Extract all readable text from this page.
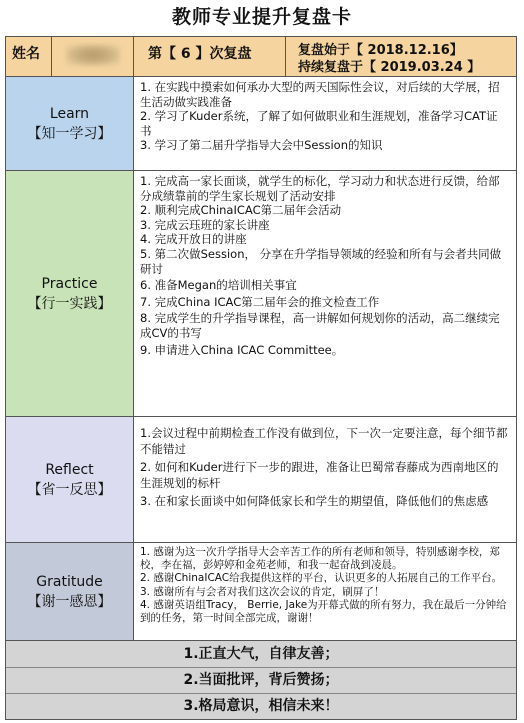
教师专业提升复盘卡
姓名	第【 6 】次复盘	复盘始于【 2018.12.16】
持续复盘于【 2019.03.24 】
Learn
【知一学习】

1. 在实践中摸索如何承办大型的两天国际性会议，对后续的大学展，招生活动做实践准备

2. 学习了Kuder系统，了解了如何做职业和生涯规划，准备学习CAT证书

3. 学习了第二届升学指导大会中Session的知识

Practice
【行一实践】

1. 完成高一家长面谈，就学生的标化，学习动力和状态进行反馈，给部分成绩靠前的学生家长规划了活动安排

2. 顺利完成ChinaICAC第二届年会活动

3. 完成云珏班的家长讲座

4. 完成开放日的讲座

5. 第二次做Session， 分享在升学指导领域的经验和所有与会者共同做研讨

6. 准备Megan的培训相关事宜

7. 完成China ICAC第二届年会的推文检查工作

8. 完成学生的升学指导课程，高一讲解如何规划你的活动，高二继续完成CV的书写

9. 申请进入China ICAC Committee。

Reflect
【省一反思】

1.会议过程中前期检查工作没有做到位，下一次一定要注意，每个细节都不能错过

2. 如何和Kuder进行下一步的跟进，准备让巴蜀常春藤成为西南地区的生涯规划的标杆

3. 在和家长面谈中如何降低家长和学生的期望值，降低他们的焦虑感

Gratitude
【谢一感恩】

1. 感谢为这一次升学指导大会辛苦工作的所有老师和领导，特别感谢李校，郑校，李在福，彭婷婷和金苑老师，和我一起奋战到凌晨。

2. 感谢ChinaICAC给我提供这样的平台，认识更多的人拓展自己的工作平台。

3. 感谢所有与会者对我们这次会议的肯定，刷屏了！

4. 感谢英语组Tracy， Berrie, Jake为开幕式做的所有努力，我在最后一分钟给到的任务，第一时间全部完成，谢谢！

1.正直大气，自律友善；
2.当面批评，背后赞扬；
3.格局意识，相信未来！
